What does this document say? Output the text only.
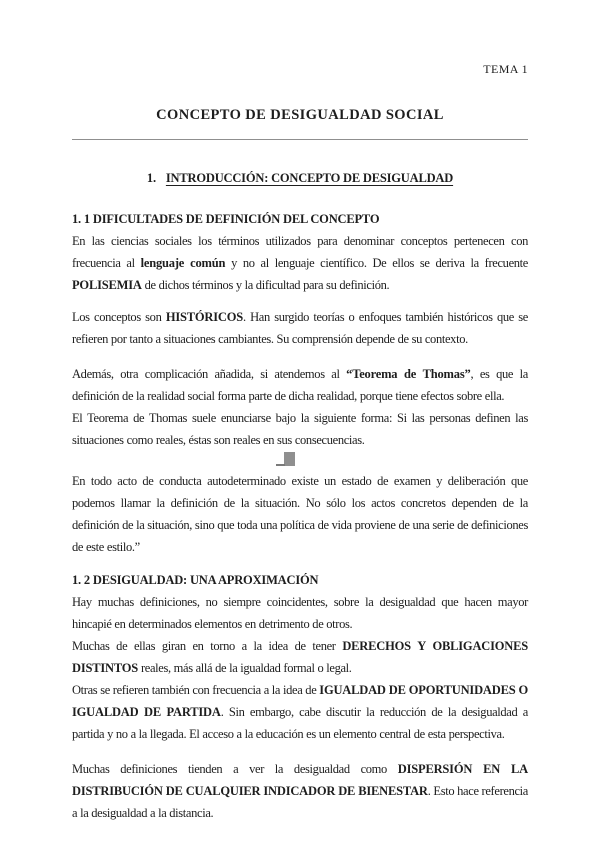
TEMA 1
CONCEPTO DE DESIGUALDAD SOCIAL
1. INTRODUCCIÓN: CONCEPTO DE DESIGUALDAD
1. 1 DIFICULTADES DE DEFINICIÓN DEL CONCEPTO

En las ciencias sociales los términos utilizados para denominar conceptos pertenecen con frecuencia al lenguaje común y no al lenguaje científico. De ellos se deriva la frecuente POLISEMIA de dichos términos y la dificultad para su definición.

Los conceptos son HISTÓRICOS. Han surgido teorías o enfoques también históricos que se refieren por tanto a situaciones cambiantes. Su comprensión depende de su contexto.

Además, otra complicación añadida, si atendemos al “Teorema de Thomas”, es que la definición de la realidad social forma parte de dicha realidad, porque tiene efectos sobre ella.

El Teorema de Thomas suele enunciarse bajo la siguiente forma: Si las personas definen las situaciones como reales, éstas son reales en sus consecuencias.

En todo acto de conducta autodeterminado existe un estado de examen y deliberación que podemos llamar la definición de la situación. No sólo los actos concretos dependen de la definición de la situación, sino que toda una política de vida proviene de una serie de definiciones de este estilo.”

1. 2 DESIGUALDAD: UNA APROXIMACIÓN

Hay muchas definiciones, no siempre coincidentes, sobre la desigualdad que hacen mayor hincapié en determinados elementos en detrimento de otros.

Muchas de ellas giran en torno a la idea de tener DERECHOS Y OBLIGACIONES DISTINTOS reales, más allá de la igualdad formal o legal.

Otras se refieren también con frecuencia a la idea de IGUALDAD DE OPORTUNIDADES O IGUALDAD DE PARTIDA. Sin embargo, cabe discutir la reducción de la desigualdad a partida y no a la llegada. El acceso a la educación es un elemento central de esta perspectiva.

Muchas definiciones tienden a ver la desigualdad como DISPERSIÓN EN LA DISTRIBUCIÓN DE CUALQUIER INDICADOR DE BIENESTAR. Esto hace referencia a la desigualdad a la distancia.
